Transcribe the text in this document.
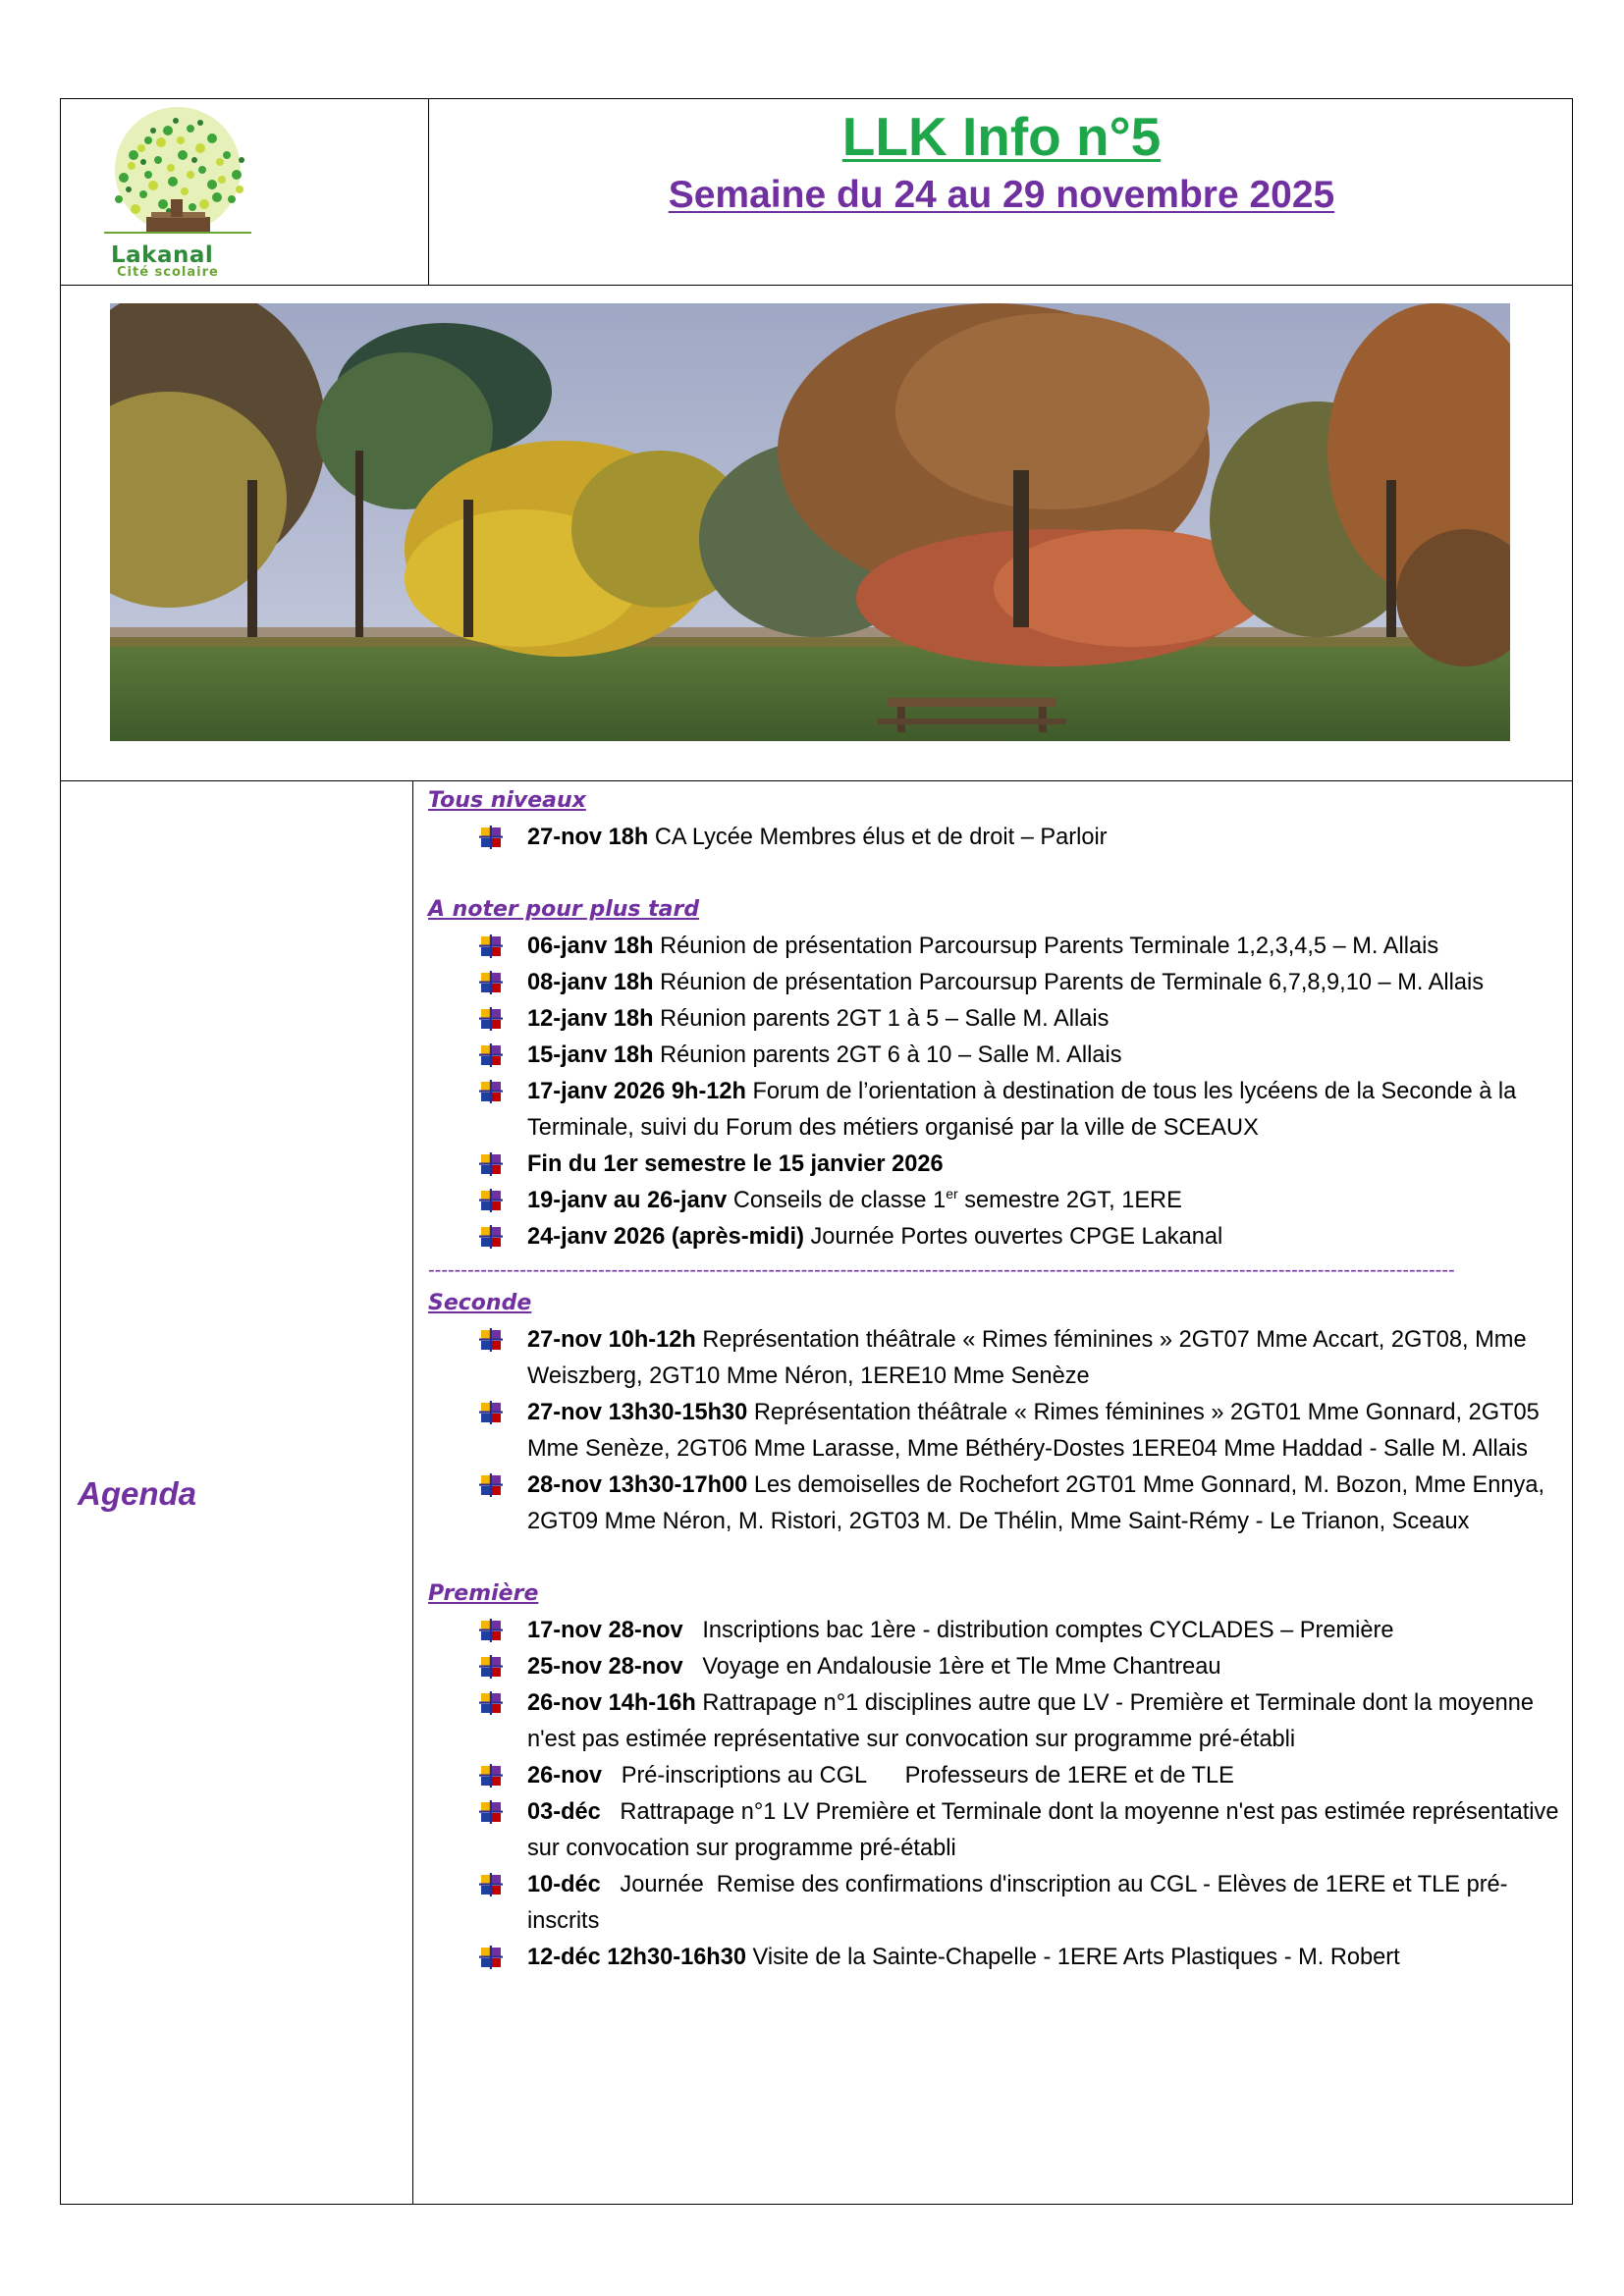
Lakanal
Cité scolaire
LLK Info n°5
Semaine du 24 au 29 novembre 2025
Agenda
Tous niveaux
27-nov 18h CA Lycée Membres élus et de droit – Parloir
A noter pour plus tard
06-janv 18h Réunion de présentation Parcoursup Parents Terminale 1,2,3,4,5 – M. Allais
08-janv 18h Réunion de présentation Parcoursup Parents de Terminale 6,7,8,9,10 – M. Allais
12-janv 18h Réunion parents 2GT 1 à 5 – Salle M. Allais
15-janv 18h Réunion parents 2GT 6 à 10 – Salle M. Allais
17-janv 2026 9h-12h Forum de l’orientation à destination de tous les lycéens de la Seconde à la Terminale, suivi du Forum des métiers organisé par la ville de SCEAUX
Fin du 1er semestre le 15 janvier 2026
19-janv au 26-janv Conseils de classe 1er semestre 2GT, 1ERE
24-janv 2026 (après-midi) Journée Portes ouvertes CPGE Lakanal
-------------------------------------------------------------------------------------------------------------------------------------------------------------
Seconde
27-nov 10h-12h Représentation théâtrale « Rimes féminines » 2GT07 Mme Accart, 2GT08, Mme Weiszberg, 2GT10 Mme Néron, 1ERE10 Mme Senèze
27-nov 13h30-15h30 Représentation théâtrale « Rimes féminines » 2GT01 Mme Gonnard, 2GT05 Mme Senèze, 2GT06 Mme Larasse, Mme Béthéry-Dostes 1ERE04 Mme Haddad - Salle M. Allais
28-nov 13h30-17h00 Les demoiselles de Rochefort 2GT01 Mme Gonnard, M. Bozon, Mme Ennya, 2GT09 Mme Néron, M. Ristori, 2GT03 M. De Thélin, Mme Saint-Rémy - Le Trianon, Sceaux
Première
17-nov 28-nov   Inscriptions bac 1ère - distribution comptes CYCLADES – Première
25-nov 28-nov   Voyage en Andalousie 1ère et Tle Mme Chantreau
26-nov 14h-16h Rattrapage n°1 disciplines autre que LV - Première et Terminale dont la moyenne n'est pas estimée représentative sur convocation sur programme pré-établi
26-nov   Pré-inscriptions au CGL      Professeurs de 1ERE et de TLE
03-déc   Rattrapage n°1 LV Première et Terminale dont la moyenne n'est pas estimée représentative sur convocation sur programme pré-établi
10-déc   Journée  Remise des confirmations d'inscription au CGL - Elèves de 1ERE et TLE pré-inscrits
12-déc 12h30-16h30 Visite de la Sainte-Chapelle - 1ERE Arts Plastiques - M. Robert
